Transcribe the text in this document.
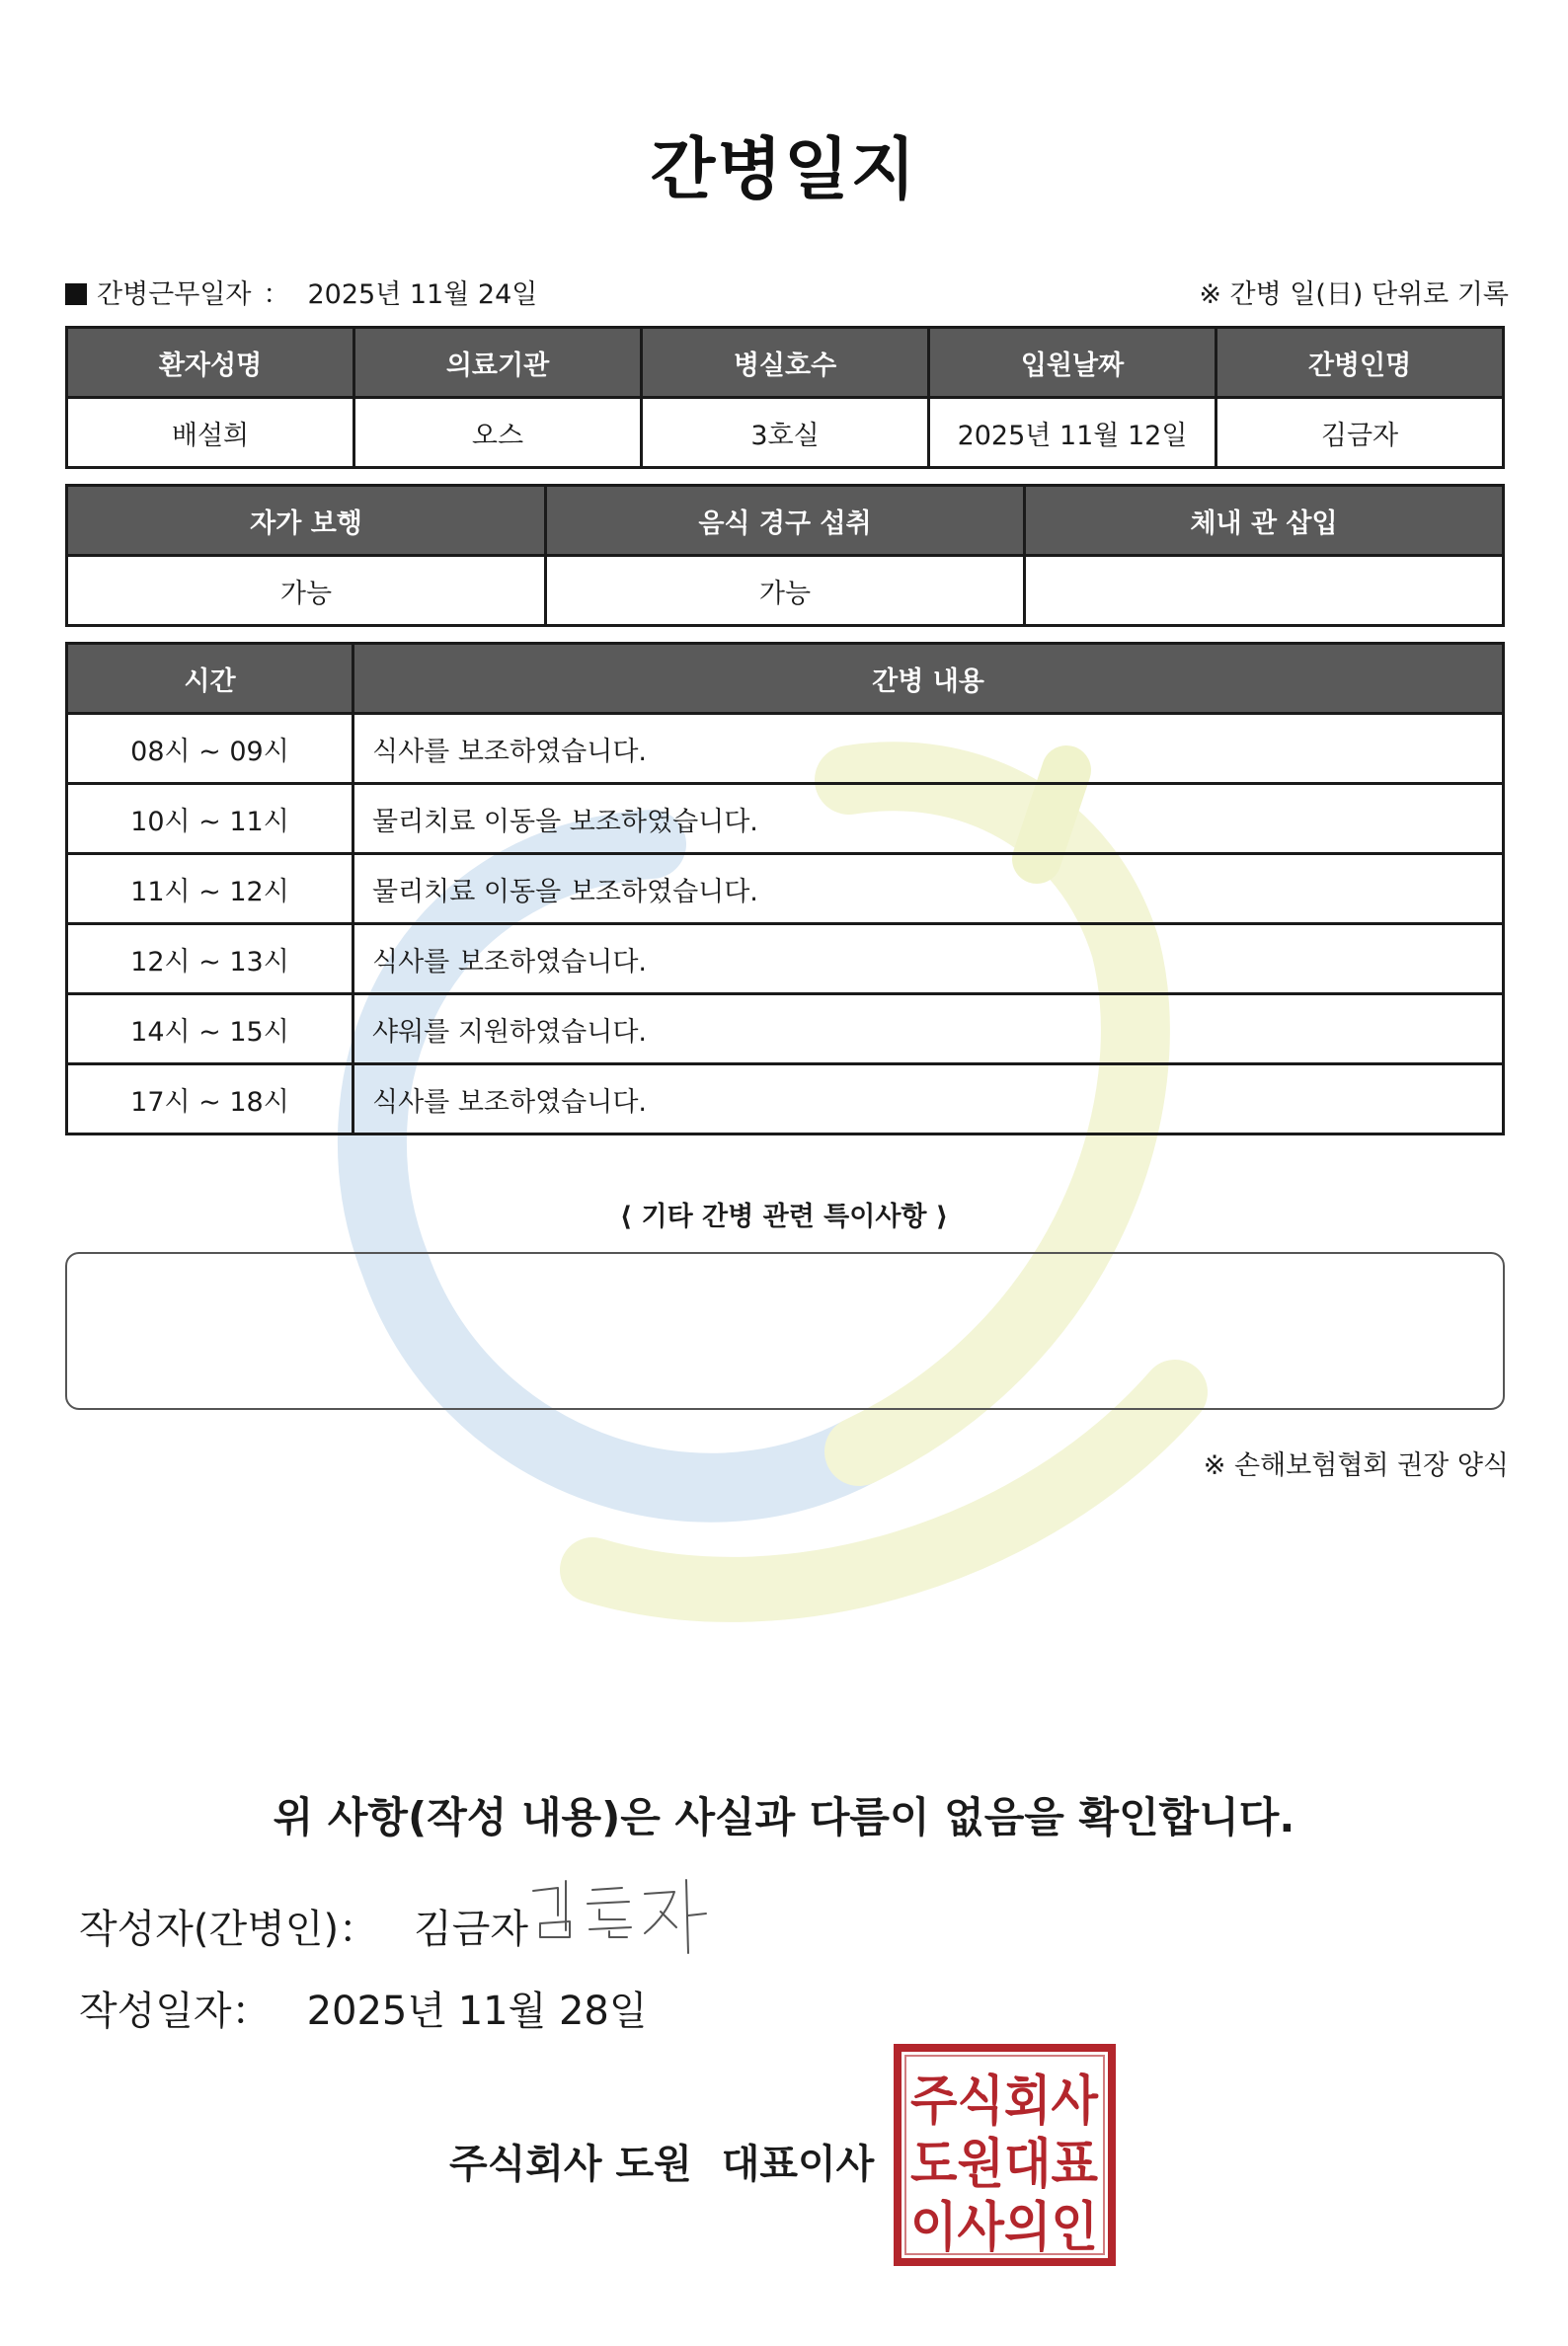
간병일지
간병근무일자 ： 2025년 11월 24일	※ 간병 일(日) 단위로 기록
환자성명	의료기관	병실호수	입원날짜	간병인명
배설희	오스	3호실	2025년 11월 12일	김금자
자가 보행	음식 경구 섭취	체내 관 삽입
가능	가능	
시간	간병 내용
08시 ~ 09시	식사를 보조하였습니다.
10시 ~ 11시	물리치료 이동을 보조하였습니다.
11시 ~ 12시	물리치료 이동을 보조하였습니다.
12시 ~ 13시	식사를 보조하였습니다.
14시 ~ 15시	샤워를 지원하였습니다.
17시 ~ 18시	식사를 보조하였습니다.
⟨ 기타 간병 관련 특이사항 ⟩
※ 손해보험협회 권장 양식
위 사항(작성 내용)은 사실과 다름이 없음을 확인합니다.
작성자(간병인)： 김금자
작성일자： 2025년 11월 28일
주식회사 도원 대표이사
주식회사
도원대표
이사의인
